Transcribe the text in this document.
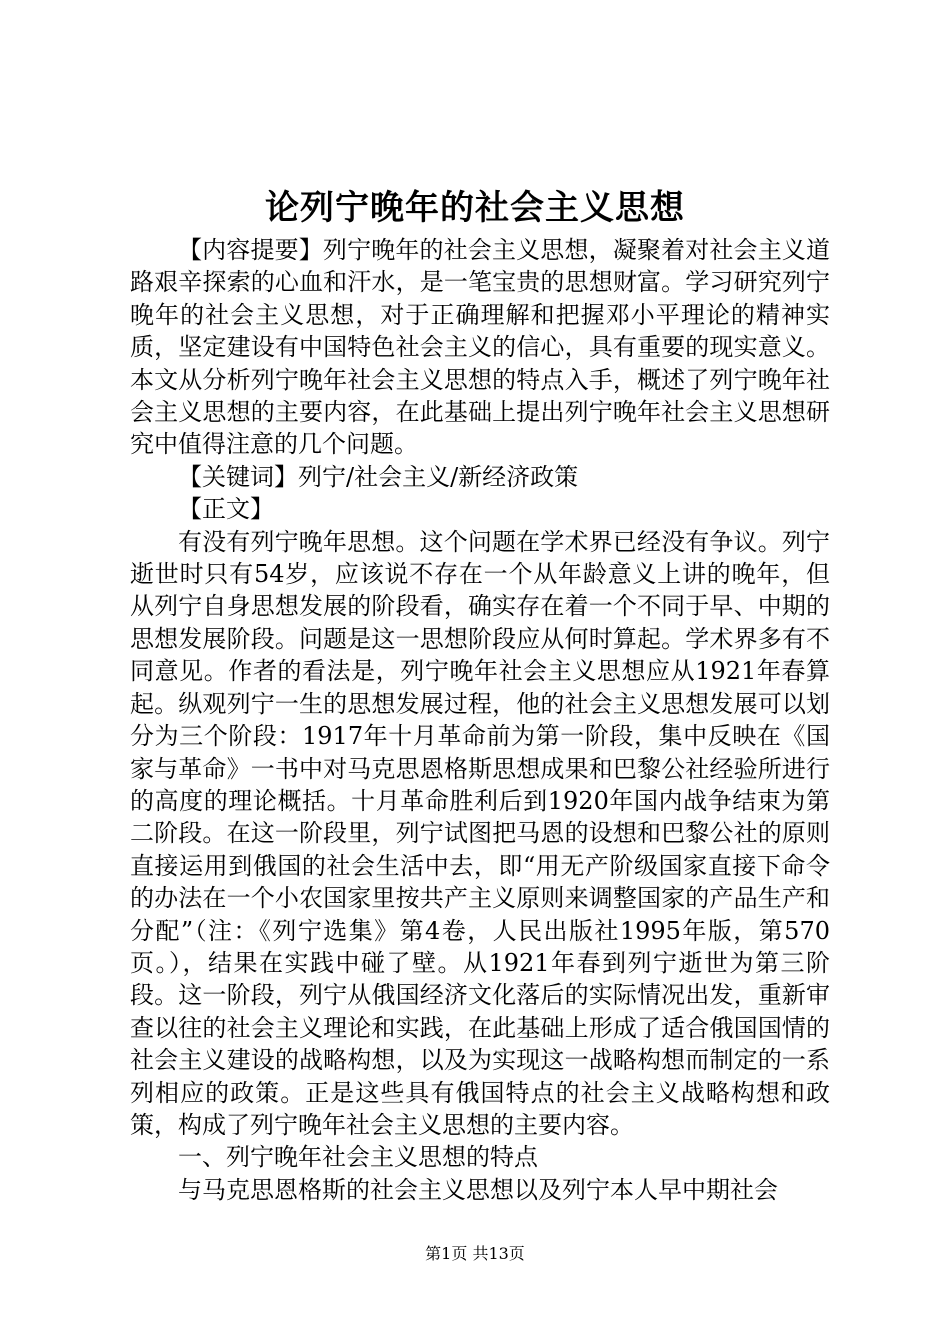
论列宁晚年的社会主义思想

【内容提要】列宁晚年的社会主义思想，凝聚着对社会主义道路艰辛探索的心血和汗水，是一笔宝贵的思想财富。学习研究列宁晚年的社会主义思想，对于正确理解和把握邓小平理论的精神实质，坚定建设有中国特色社会主义的信心，具有重要的现实意义。本文从分析列宁晚年社会主义思想的特点入手，概述了列宁晚年社会主义思想的主要内容，在此基础上提出列宁晚年社会主义思想研究中值得注意的几个问题。

【关键词】列宁/社会主义/新经济政策

【正文】

有没有列宁晚年思想。这个问题在学术界已经没有争议。列宁逝世时只有54岁，应该说不存在一个从年龄意义上讲的晚年，但从列宁自身思想发展的阶段看，确实存在着一个不同于早、中期的思想发展阶段。问题是这一思想阶段应从何时算起。学术界多有不同意见。作者的看法是，列宁晚年社会主义思想应从1921年春算起。纵观列宁一生的思想发展过程，他的社会主义思想发展可以划分为三个阶段：1917年十月革命前为第一阶段，集中反映在《国家与革命》一书中对马克思恩格斯思想成果和巴黎公社经验所进行的高度的理论概括。十月革命胜利后到1920年国内战争结束为第二阶段。在这一阶段里，列宁试图把马恩的设想和巴黎公社的原则直接运用到俄国的社会生活中去，即“用无产阶级国家直接下命令的办法在一个小农国家里按共产主义原则来调整国家的产品生产和分配”（注：《列宁选集》第4卷，人民出版社1995年版，第570页。），结果在实践中碰了壁。从1921年春到列宁逝世为第三阶段。这一阶段，列宁从俄国经济文化落后的实际情况出发，重新审查以往的社会主义理论和实践，在此基础上形成了适合俄国国情的社会主义建设的战略构想，以及为实现这一战略构想而制定的一系列相应的政策。正是这些具有俄国特点的社会主义战略构想和政策，构成了列宁晚年社会主义思想的主要内容。

一、列宁晚年社会主义思想的特点

与马克思恩格斯的社会主义思想以及列宁本人早中期社会

第1页 共13页
